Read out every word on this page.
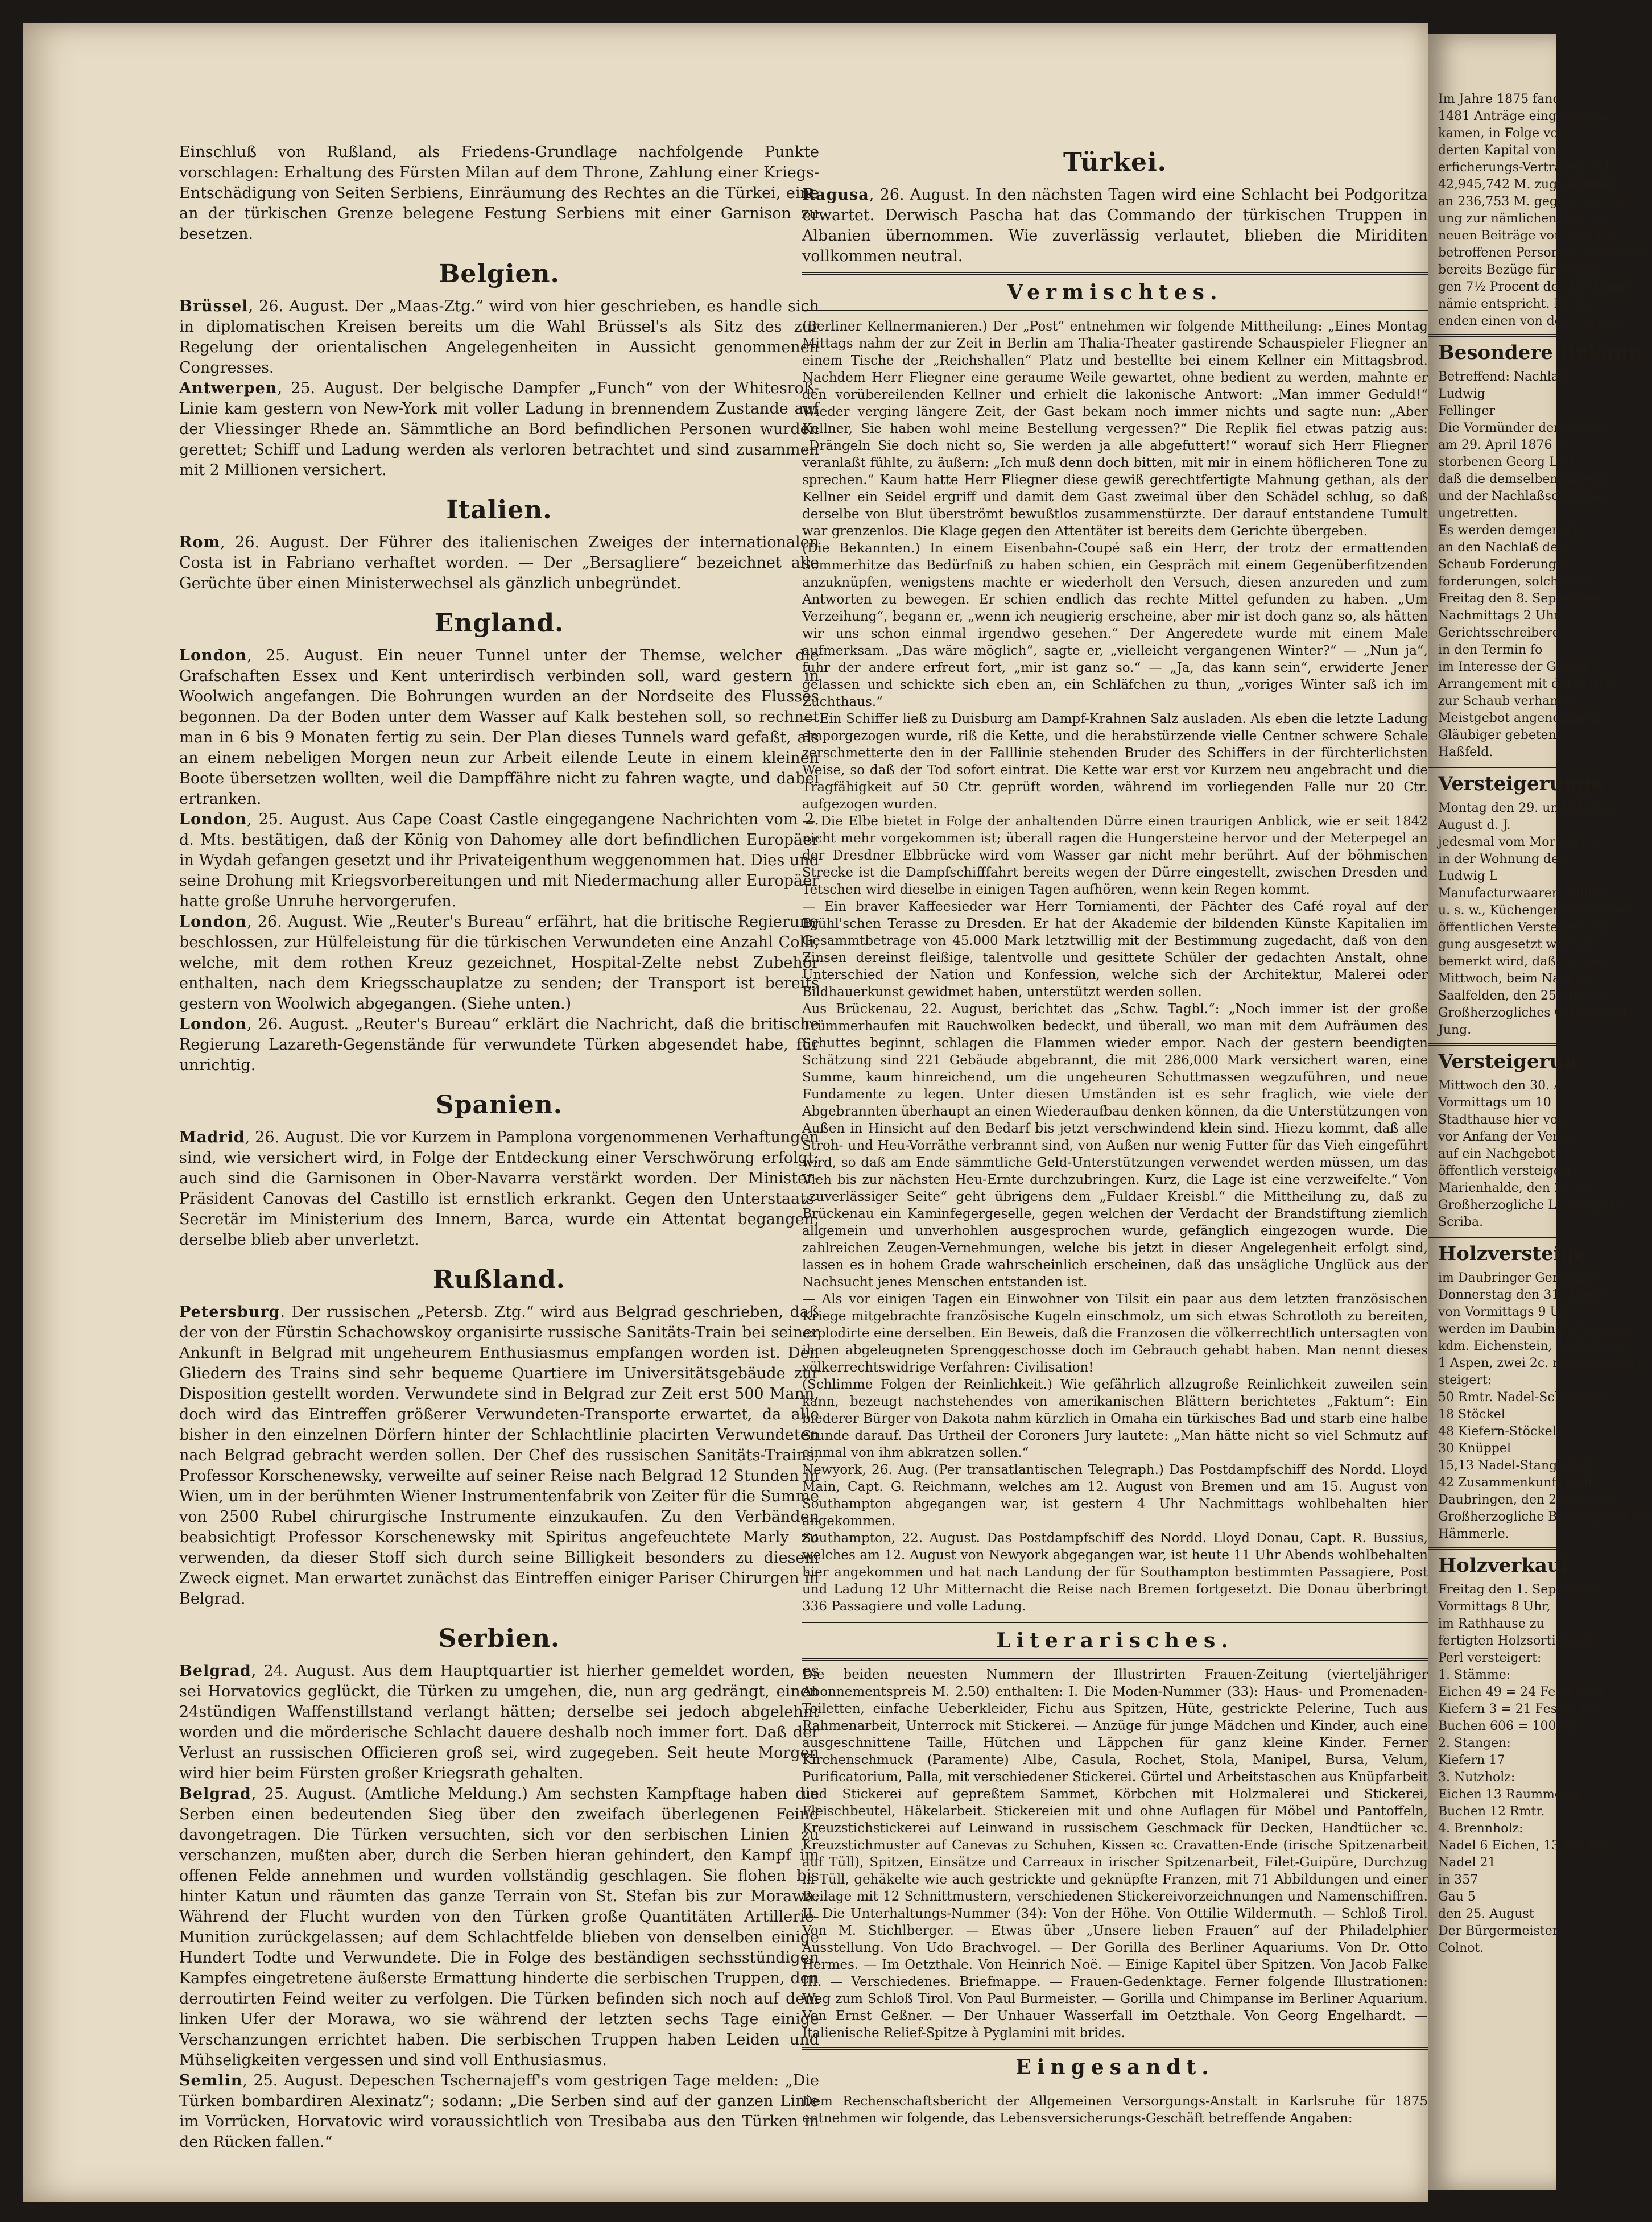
Einschluß von Rußland, als Friedens-Grundlage nachfolgende Punkte vorschlagen: Erhaltung des Fürsten Milan auf dem Throne, Zahlung einer Kriegs-Entschädigung von Seiten Serbiens, Einräumung des Rechtes an die Türkei, eine an der türkischen Grenze belegene Festung Serbiens mit einer Garnison zu besetzen.

Belgien.

Brüssel, 26. August. Der „Maas-Ztg.“ wird von hier geschrieben, es handle sich in diplomatischen Kreisen bereits um die Wahl Brüssel's als Sitz des zur Regelung der orientalischen Angelegenheiten in Aussicht genommenen Congresses.

Antwerpen, 25. August. Der belgische Dampfer „Funch“ von der Whitesroß-Linie kam gestern von New-York mit voller Ladung in brennendem Zustande auf der Vliessinger Rhede an. Sämmtliche an Bord befindlichen Personen wurden gerettet; Schiff und Ladung werden als verloren betrachtet und sind zusammen mit 2 Millionen versichert.

Italien.

Rom, 26. August. Der Führer des italienischen Zweiges der internationalen Costa ist in Fabriano verhaftet worden. — Der „Bersagliere“ bezeichnet alle Gerüchte über einen Ministerwechsel als gänzlich unbegründet.

England.

London, 25. August. Ein neuer Tunnel unter der Themse, welcher die Grafschaften Essex und Kent unterirdisch verbinden soll, ward gestern in Woolwich angefangen. Die Bohrungen wurden an der Nordseite des Flusses begonnen. Da der Boden unter dem Wasser auf Kalk bestehen soll, so rechnet man in 6 bis 9 Monaten fertig zu sein. Der Plan dieses Tunnels ward gefaßt, als an einem nebeligen Morgen neun zur Arbeit eilende Leute in einem kleinen Boote übersetzen wollten, weil die Dampffähre nicht zu fahren wagte, und dabei ertranken.

London, 25. August. Aus Cape Coast Castle eingegangene Nachrichten vom 2. d. Mts. bestätigen, daß der König von Dahomey alle dort befindlichen Europäer in Wydah gefangen gesetzt und ihr Privateigenthum weggenommen hat. Dies und seine Drohung mit Kriegsvorbereitungen und mit Niedermachung aller Europäer hatte große Unruhe hervorgerufen.

London, 26. August. Wie „Reuter's Bureau“ erfährt, hat die britische Regierung beschlossen, zur Hülfeleistung für die türkischen Verwundeten eine Anzahl Colli, welche, mit dem rothen Kreuz gezeichnet, Hospital-Zelte nebst Zubehör enthalten, nach dem Kriegsschauplatze zu senden; der Transport ist bereits gestern von Woolwich abgegangen. (Siehe unten.)

London, 26. August. „Reuter's Bureau“ erklärt die Nachricht, daß die britische Regierung Lazareth-Gegenstände für verwundete Türken abgesendet habe, für unrichtig.

Spanien.

Madrid, 26. August. Die vor Kurzem in Pamplona vorgenommenen Verhaftungen sind, wie versichert wird, in Folge der Entdeckung einer Verschwörung erfolgt; auch sind die Garnisonen in Ober-Navarra verstärkt worden. Der Minister-Präsident Canovas del Castillo ist ernstlich erkrankt. Gegen den Unterstaats-Secretär im Ministerium des Innern, Barca, wurde ein Attentat begangen; derselbe blieb aber unverletzt.

Rußland.

Petersburg. Der russischen „Petersb. Ztg.“ wird aus Belgrad geschrieben, daß der von der Fürstin Schachowskoy organisirte russische Sanitäts-Train bei seiner Ankunft in Belgrad mit ungeheurem Enthusiasmus empfangen worden ist. Den Gliedern des Trains sind sehr bequeme Quartiere im Universitätsgebäude zur Disposition gestellt worden. Verwundete sind in Belgrad zur Zeit erst 500 Mann, doch wird das Eintreffen größerer Verwundeten-Transporte erwartet, da alle bisher in den einzelnen Dörfern hinter der Schlachtlinie placirten Verwundeten nach Belgrad gebracht werden sollen. Der Chef des russischen Sanitäts-Trains, Professor Korschenewsky, verweilte auf seiner Reise nach Belgrad 12 Stunden in Wien, um in der berühmten Wiener Instrumentenfabrik von Zeiter für die Summe von 2500 Rubel chirurgische Instrumente einzukaufen. Zu den Verbänden beabsichtigt Professor Korschenewsky mit Spiritus angefeuchtete Marly zu verwenden, da dieser Stoff sich durch seine Billigkeit besonders zu diesem Zweck eignet. Man erwartet zunächst das Eintreffen einiger Pariser Chirurgen in Belgrad.

Serbien.

Belgrad, 24. August. Aus dem Hauptquartier ist hierher gemeldet worden, es sei Horvatovics geglückt, die Türken zu umgehen, die, nun arg gedrängt, einen 24stündigen Waffenstillstand verlangt hätten; derselbe sei jedoch abgelehnt worden und die mörderische Schlacht dauere deshalb noch immer fort. Daß der Verlust an russischen Officieren groß sei, wird zugegeben. Seit heute Morgen wird hier beim Fürsten großer Kriegsrath gehalten.

Belgrad, 25. August. (Amtliche Meldung.) Am sechsten Kampftage haben die Serben einen bedeutenden Sieg über den zweifach überlegenen Feind davongetragen. Die Türken versuchten, sich vor den serbischen Linien zu verschanzen, mußten aber, durch die Serben hieran gehindert, den Kampf im offenen Felde annehmen und wurden vollständig geschlagen. Sie flohen bis hinter Katun und räumten das ganze Terrain von St. Stefan bis zur Morawa. Während der Flucht wurden von den Türken große Quantitäten Artillerie-Munition zurückgelassen; auf dem Schlachtfelde blieben von denselben einige Hundert Todte und Verwundete. Die in Folge des beständigen sechsstündigen Kampfes eingetretene äußerste Ermattung hinderte die serbischen Truppen, den derroutirten Feind weiter zu verfolgen. Die Türken befinden sich noch auf dem linken Ufer der Morawa, wo sie während der letzten sechs Tage einige Verschanzungen errichtet haben. Die serbischen Truppen haben Leiden und Mühseligkeiten vergessen und sind voll Enthusiasmus.

Semlin, 25. August. Depeschen Tschernajeff's vom gestrigen Tage melden: „Die Türken bombardiren Alexinatz“; sodann: „Die Serben sind auf der ganzen Linie im Vorrücken, Horvatovic wird voraussichtlich von Tresibaba aus den Türken in den Rücken fallen.“

Türkei.

Ragusa, 26. August. In den nächsten Tagen wird eine Schlacht bei Podgoritza erwartet. Derwisch Pascha hat das Commando der türkischen Truppen in Albanien übernommen. Wie zuverlässig verlautet, blieben die Miriditen vollkommen neutral.

Vermischtes.

(Berliner Kellnermanieren.) Der „Post“ entnehmen wir folgende Mittheilung: „Eines Montag Mittags nahm der zur Zeit in Berlin am Thalia-Theater gastirende Schauspieler Fliegner an einem Tische der „Reichshallen“ Platz und bestellte bei einem Kellner ein Mittagsbrod. Nachdem Herr Fliegner eine geraume Weile gewartet, ohne bedient zu werden, mahnte er den vorübereilenden Kellner und erhielt die lakonische Antwort: „Man immer Geduld!“ Wieder verging längere Zeit, der Gast bekam noch immer nichts und sagte nun: „Aber Kellner, Sie haben wohl meine Bestellung vergessen?“ Die Replik fiel etwas patzig aus: „Drängeln Sie doch nicht so, Sie werden ja alle abgefuttert!“ worauf sich Herr Fliegner veranlaßt fühlte, zu äußern: „Ich muß denn doch bitten, mit mir in einem höflicheren Tone zu sprechen.“ Kaum hatte Herr Fliegner diese gewiß gerechtfertigte Mahnung gethan, als der Kellner ein Seidel ergriff und damit dem Gast zweimal über den Schädel schlug, so daß derselbe von Blut überströmt bewußtlos zusammenstürzte. Der darauf entstandene Tumult war grenzenlos. Die Klage gegen den Attentäter ist bereits dem Gerichte übergeben.

(Die Bekannten.) In einem Eisenbahn-Coupé saß ein Herr, der trotz der ermattenden Sommerhitze das Bedürfniß zu haben schien, ein Gespräch mit einem Gegenüberfitzenden anzuknüpfen, wenigstens machte er wiederholt den Versuch, diesen anzureden und zum Antworten zu bewegen. Er schien endlich das rechte Mittel gefunden zu haben. „Um Verzeihung“, begann er, „wenn ich neugierig erscheine, aber mir ist doch ganz so, als hätten wir uns schon einmal irgendwo gesehen.“ Der Angeredete wurde mit einem Male aufmerksam. „Das wäre möglich“, sagte er, „vielleicht vergangenen Winter?“ — „Nun ja“, fuhr der andere erfreut fort, „mir ist ganz so.“ — „Ja, das kann sein“, erwiderte Jener gelassen und schickte sich eben an, ein Schläfchen zu thun, „voriges Winter saß ich im Zuchthaus.“

— Ein Schiffer ließ zu Duisburg am Dampf-Krahnen Salz ausladen. Als eben die letzte Ladung emporgezogen wurde, riß die Kette, und die herabstürzende vielle Centner schwere Schale zerschmetterte den in der Falllinie stehenden Bruder des Schiffers in der fürchterlichsten Weise, so daß der Tod sofort eintrat. Die Kette war erst vor Kurzem neu angebracht und die Tragfähigkeit auf 50 Ctr. geprüft worden, während im vorliegenden Falle nur 20 Ctr. aufgezogen wurden.

— Die Elbe bietet in Folge der anhaltenden Dürre einen traurigen Anblick, wie er seit 1842 nicht mehr vorgekommen ist; überall ragen die Hungersteine hervor und der Meterpegel an der Dresdner Elbbrücke wird vom Wasser gar nicht mehr berührt. Auf der böhmischen Strecke ist die Dampfschifffahrt bereits wegen der Dürre eingestellt, zwischen Dresden und Tetschen wird dieselbe in einigen Tagen aufhören, wenn kein Regen kommt.

— Ein braver Kaffeesieder war Herr Torniamenti, der Pächter des Café royal auf der Brühl'schen Terasse zu Dresden. Er hat der Akademie der bildenden Künste Kapitalien im Gesammtbetrage von 45.000 Mark letztwillig mit der Bestimmung zugedacht, daß von den Zinsen dereinst fleißige, talentvolle und gesittete Schüler der gedachten Anstalt, ohne Unterschied der Nation und Konfession, welche sich der Architektur, Malerei oder Bildhauerkunst gewidmet haben, unterstützt werden sollen.

Aus Brückenau, 22. August, berichtet das „Schw. Tagbl.“: „Noch immer ist der große Trümmerhaufen mit Rauchwolken bedeckt, und überall, wo man mit dem Aufräumen des Schuttes beginnt, schlagen die Flammen wieder empor. Nach der gestern beendigten Schätzung sind 221 Gebäude abgebrannt, die mit 286,000 Mark versichert waren, eine Summe, kaum hinreichend, um die ungeheuren Schuttmassen wegzuführen, und neue Fundamente zu legen. Unter diesen Umständen ist es sehr fraglich, wie viele der Abgebrannten überhaupt an einen Wiederaufbau denken können, da die Unterstützungen von Außen in Hinsicht auf den Bedarf bis jetzt verschwindend klein sind. Hiezu kommt, daß alle Stroh- und Heu-Vorräthe verbrannt sind, von Außen nur wenig Futter für das Vieh eingeführt wird, so daß am Ende sämmtliche Geld-Unterstützungen verwendet werden müssen, um das Vieh bis zur nächsten Heu-Ernte durchzubringen. Kurz, die Lage ist eine verzweifelte.“ Von „zuverlässiger Seite“ geht übrigens dem „Fuldaer Kreisbl.“ die Mittheilung zu, daß zu Brückenau ein Kaminfegergeselle, gegen welchen der Verdacht der Brandstiftung ziemlich allgemein und unverhohlen ausgesprochen wurde, gefänglich eingezogen wurde. Die zahlreichen Zeugen-Vernehmungen, welche bis jetzt in dieser Angelegenheit erfolgt sind, lassen es in hohem Grade wahrscheinlich erscheinen, daß das unsägliche Unglück aus der Nachsucht jenes Menschen entstanden ist.

— Als vor einigen Tagen ein Einwohner von Tilsit ein paar aus dem letzten französischen Kriege mitgebrachte französische Kugeln einschmolz, um sich etwas Schrotloth zu bereiten, explodirte eine derselben. Ein Beweis, daß die Franzosen die völkerrechtlich untersagten von ihnen abgeleugneten Sprenggeschosse doch im Gebrauch gehabt haben. Man nennt dieses völkerrechtswidrige Verfahren: Civilisation!

(Schlimme Folgen der Reinlichkeit.) Wie gefährlich allzugroße Reinlichkeit zuweilen sein kann, bezeugt nachstehendes von amerikanischen Blättern berichtetes „Faktum“: Ein biederer Bürger von Dakota nahm kürzlich in Omaha ein türkisches Bad und starb eine halbe Stunde darauf. Das Urtheil der Coroners Jury lautete: „Man hätte nicht so viel Schmutz auf einmal von ihm abkratzen sollen.“

Newyork, 26. Aug. (Per transatlantischen Telegraph.) Das Postdampfschiff des Nordd. Lloyd Main, Capt. G. Reichmann, welches am 12. August von Bremen und am 15. August von Southampton abgegangen war, ist gestern 4 Uhr Nachmittags wohlbehalten hier angekommen.

Southampton, 22. August. Das Postdampfschiff des Nordd. Lloyd Donau, Capt. R. Bussius, welches am 12. August von Newyork abgegangen war, ist heute 11 Uhr Abends wohlbehalten hier angekommen und hat nach Landung der für Southampton bestimmten Passagiere, Post und Ladung 12 Uhr Mitternacht die Reise nach Bremen fortgesetzt. Die Donau überbringt 336 Passagiere und volle Ladung.

Literarisches.

Die beiden neuesten Nummern der Illustrirten Frauen-Zeitung (vierteljähriger Abonnementspreis M. 2.50) enthalten: I. Die Moden-Nummer (33): Haus- und Promenaden-Toiletten, einfache Ueberkleider, Fichu aus Spitzen, Hüte, gestrickte Pelerine, Tuch aus Rahmenarbeit, Unterrock mit Stickerei. — Anzüge für junge Mädchen und Kinder, auch eine ausgeschnittene Taille, Hütchen und Läppchen für ganz kleine Kinder. Ferner Kirchenschmuck (Paramente) Albe, Casula, Rochet, Stola, Manipel, Bursa, Velum, Purificatorium, Palla, mit verschiedener Stickerei. Gürtel und Arbeitstaschen aus Knüpfarbeit und Stickerei auf gepreßtem Sammet, Körbchen mit Holzmalerei und Stickerei, Fleischbeutel, Häkelarbeit. Stickereien mit und ohne Auflagen für Möbel und Pantoffeln, Kreuzstichstickerei auf Leinwand in russischem Geschmack für Decken, Handtücher ꝛc. Kreuzstichmuster auf Canevas zu Schuhen, Kissen ꝛc. Cravatten-Ende (irische Spitzenarbeit auf Tüll), Spitzen, Einsätze und Carreaux in irischer Spitzenarbeit, Filet-Guipüre, Durchzug in Tüll, gehäkelte wie auch gestrickte und geknüpfte Franzen, mit 71 Abbildungen und einer Beilage mit 12 Schnittmustern, verschiedenen Stickereivorzeichnungen und Namenschiffren. II. Die Unterhaltungs-Nummer (34): Von der Höhe. Von Ottilie Wildermuth. — Schloß Tirol. Von M. Stichlberger. — Etwas über „Unsere lieben Frauen“ auf der Philadelphier Ausstellung. Von Udo Brachvogel. — Der Gorilla des Berliner Aquariums. Von Dr. Otto Hermes. — Im Oetzthale. Von Heinrich Noë. — Einige Kapitel über Spitzen. Von Jacob Falke III. — Verschiedenes. Briefmappe. — Frauen-Gedenktage. Ferner folgende Illustrationen: Weg zum Schloß Tirol. Von Paul Burmeister. — Gorilla und Chimpanse im Berliner Aquarium. Von Ernst Geßner. — Der Unhauer Wasserfall im Oetzthale. Von Georg Engelhardt. — Italienische Relief-Spitze à Pyglamini mit brides.

Eingesandt.

Dem Rechenschaftsbericht der Allgemeinen Versorgungs-Anstalt in Karlsruhe für 1875 entnehmen wir folgende, das Lebensversicherungs-Geschäft betreffende Angaben:

Im Jahre 1875 fand
1481 Anträge eingewiesen
kamen, in Folge von
derten Kapital von
erficherungs-Verträgen auf
42,945,742 M. zugenommen
an 236,753 M. gegenüber 2,8
ung zur nämlichen Zeit 2,8
neuen Beiträge von 530,196
betroffenen Personen, an welche
bereits Bezüge für Voraus
gen 7½ Procent des Deckungs
nämie entspricht. Da die
enden einen von den übrigen
Besondere Bekann
Betreffend: Nachlaß
Ludwig
Fellinger
Die Vormünder der minder
am 29. April 1876 zu
storbenen Georg Lud
daß die demselben angehö
und der Nachlaßschuldner
ungetretten.
Es werden demgemäß
an den Nachlaß des
Schaub Forderungen
forderungen, solche und
Freitag den 8. September
Nachmittags 2 Uhr
Gerichtsschreiberei
in den Termin fo
im Interesse der Gläubi
Arrangement mit der Wittwe
zur Schaub verhandel
Meistgebot angenommen
Gläubiger gebeten.
Haßfeld.
Versteigerunge
Montag den 29. und Mittwo
August d. J.
jedesmal vom Morgens 9
in der Wohnung des
Ludwig L
Manufacturwaaren, Möbel
u. s. w., Küchengeräthschaften
öffentlichen Versteigerung
gung ausgesetzt werden.
bemerkt wird, daß mit den
Mittwoch, beim Nachlaß,
Saalfelden, den 25. August
Großherzogliches Ortsgericht
Jung.
Versteigerun
Mittwoch den 30. A
Vormittags um 10
Stadthause hier von
vor Anfang der Verste
auf ein Nachgebot
öffentlich versteigert
Marienhalde, den 22. A
Großherzogliche Landesgüte
Scriba.
Holzversteige
im Daubringer Gemeinde
Donnerstag den 31. August
von Vormittags 9 Uhr
werden im Daubinger Gemein
kdm. Eichenstein, Abtheilung
1 Aspen, zwei 2c. nachgenannte
steigert:
50 Rmtr. Nadel-Scheitholz
18 Stöckel
48 Kiefern-Stöckel
30 Knüppel
15,13 Nadel-Stangenholz
42 Zusammenkunft früh
Daubringen, den 26. August
Großherzogliche Bürgermeisterei
Hämmerle.
Holzverkauf
Freitag den 1. September
Vormittags 8 Uhr,
im Rathhause zu
fertigten Holzsortimente
Perl versteigert:
1. Stämme:
Eichen 49 = 24 Festmeter,
Kiefern 3 = 21 Festmeter
Buchen 606 = 100 Fm.
2. Stangen:
Kiefern 17
3. Nutzholz:
Eichen 13 Raummeter
Buchen 12 Rmtr.
4. Brennholz:
Nadel 6 Eichen, 13 Buchen
Nadel 21
in 357
Gau 5
den 25. August
Der Bürgermeister
Colnot.
